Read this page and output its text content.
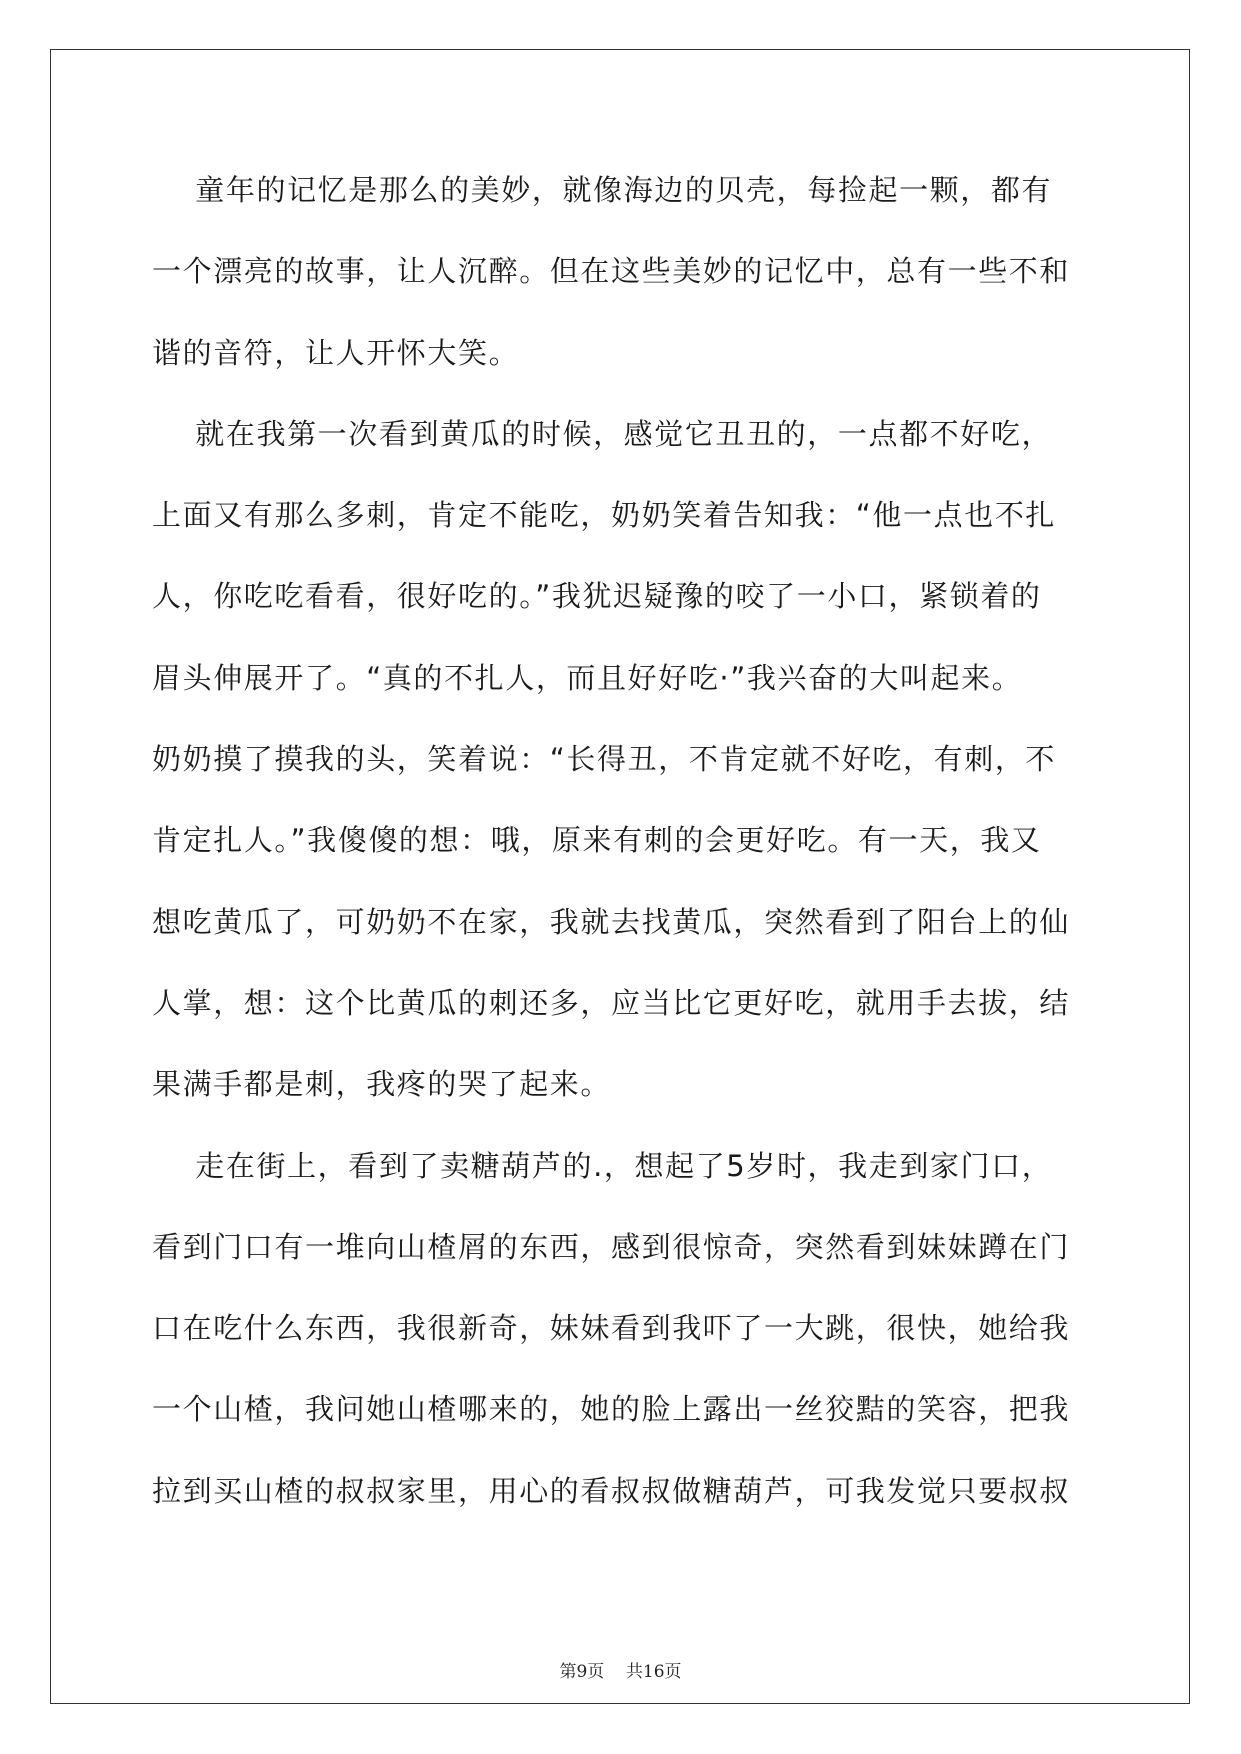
童年的记忆是那么的美妙，就像海边的贝壳，每捡起一颗，都有
一个漂亮的故事，让人沉醉。但在这些美妙的记忆中，总有一些不和
谐的音符，让人开怀大笑。
就在我第一次看到黄瓜的时候，感觉它丑丑的，一点都不好吃，
上面又有那么多刺，肯定不能吃，奶奶笑着告知我：“他一点也不扎
人，你吃吃看看，很好吃的。”我犹迟疑豫的咬了一小口，紧锁着的
眉头伸展开了。“真的不扎人，而且好好吃·”我兴奋的大叫起来。
奶奶摸了摸我的头，笑着说：“长得丑，不肯定就不好吃，有刺，不
肯定扎人。”我傻傻的想：哦，原来有刺的会更好吃。有一天，我又
想吃黄瓜了，可奶奶不在家，我就去找黄瓜，突然看到了阳台上的仙
人掌，想：这个比黄瓜的刺还多，应当比它更好吃，就用手去拔，结
果满手都是刺，我疼的哭了起来。
走在街上，看到了卖糖葫芦的.，想起了5岁时，我走到家门口，
看到门口有一堆向山楂屑的东西，感到很惊奇，突然看到妹妹蹲在门
口在吃什么东西，我很新奇，妹妹看到我吓了一大跳，很快，她给我
一个山楂，我问她山楂哪来的，她的脸上露出一丝狡黠的笑容，把我
拉到买山楂的叔叔家里，用心的看叔叔做糖葫芦，可我发觉只要叔叔
第9页 共16页
